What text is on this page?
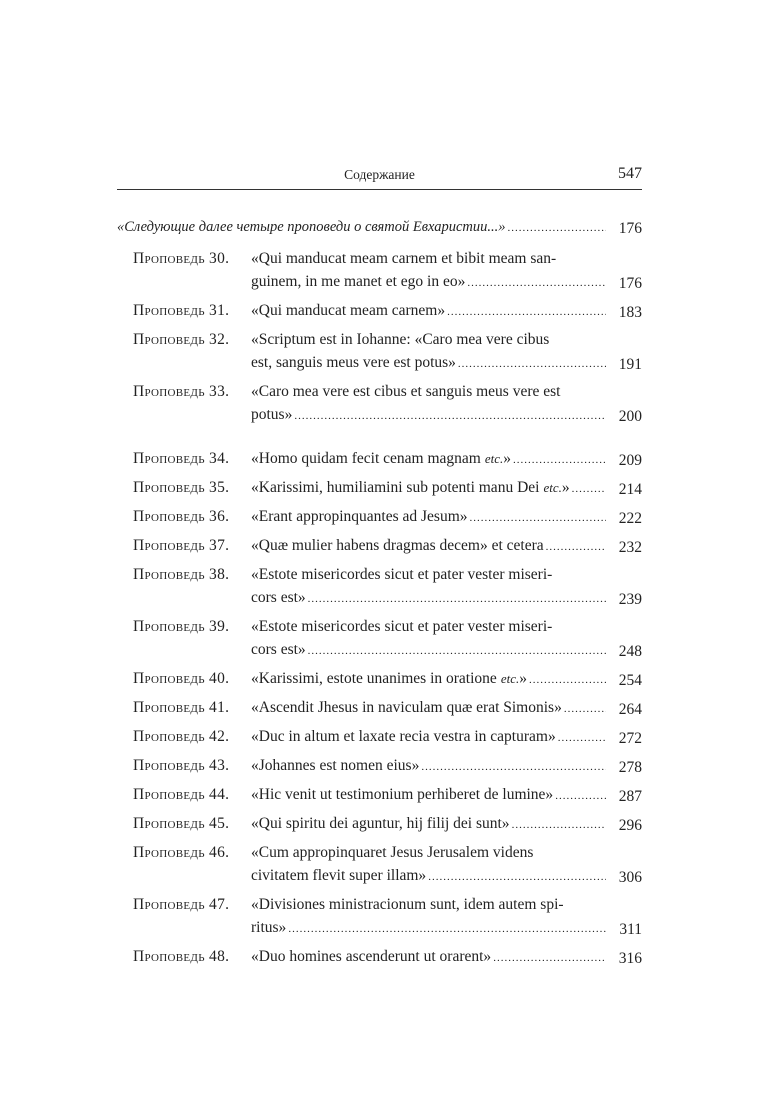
Содержание	547
«Следующие далее четыре проповеди о святой Евхаристии...» .....	176
Проповедь 30.	«Qui manducat meam carnem et bibit meam san-
guinem, in me manet et ego in eo» .....	176
Проповедь 31.	«Qui manducat meam carnem» .....	183
Проповедь 32.	«Scriptum est in Iohanne: «Caro mea vere cibus
est, sanguis meus vere est potus» .....	191
Проповедь 33.	«Caro mea vere est cibus et sanguis meus vere est
potus» .....	200
Проповедь 34.	«Homo quidam fecit cenam magnam etc. » .....	209
Проповедь 35.	«Karissimi, humiliamini sub potenti manu Dei etc. » .....	214
Проповедь 36.	«Erant appropinquantes ad Jesum» .....	222
Проповедь 37.	«Quæ mulier habens dragmas decem» et cetera .....	232
Проповедь 38.	«Estote misericordes sicut et pater vester miseri-
cors est» .....	239
Проповедь 39.	«Estote misericordes sicut et pater vester miseri-
cors est» .....	248
Проповедь 40.	«Karissimi, estote unanimes in oratione etc. » .....	254
Проповедь 41.	«Ascendit Jhesus in naviculam quæ erat Simonis» .....	264
Проповедь 42.	«Duc in altum et laxate recia vestra in capturam» .....	272
Проповедь 43.	«Johannes est nomen eius» .....	278
Проповедь 44.	«Hic venit ut testimonium perhiberet de lumine» .....	287
Проповедь 45.	«Qui spiritu dei aguntur, hij filij dei sunt» .....	296
Проповедь 46.	«Cum appropinquaret Jesus Jerusalem videns
civitatem flevit super illam» .....	306
Проповедь 47.	«Divisiones ministracionum sunt, idem autem spi-
ritus» .....	311
Проповедь 48.	«Duo homines ascenderunt ut orarent» .....	316
